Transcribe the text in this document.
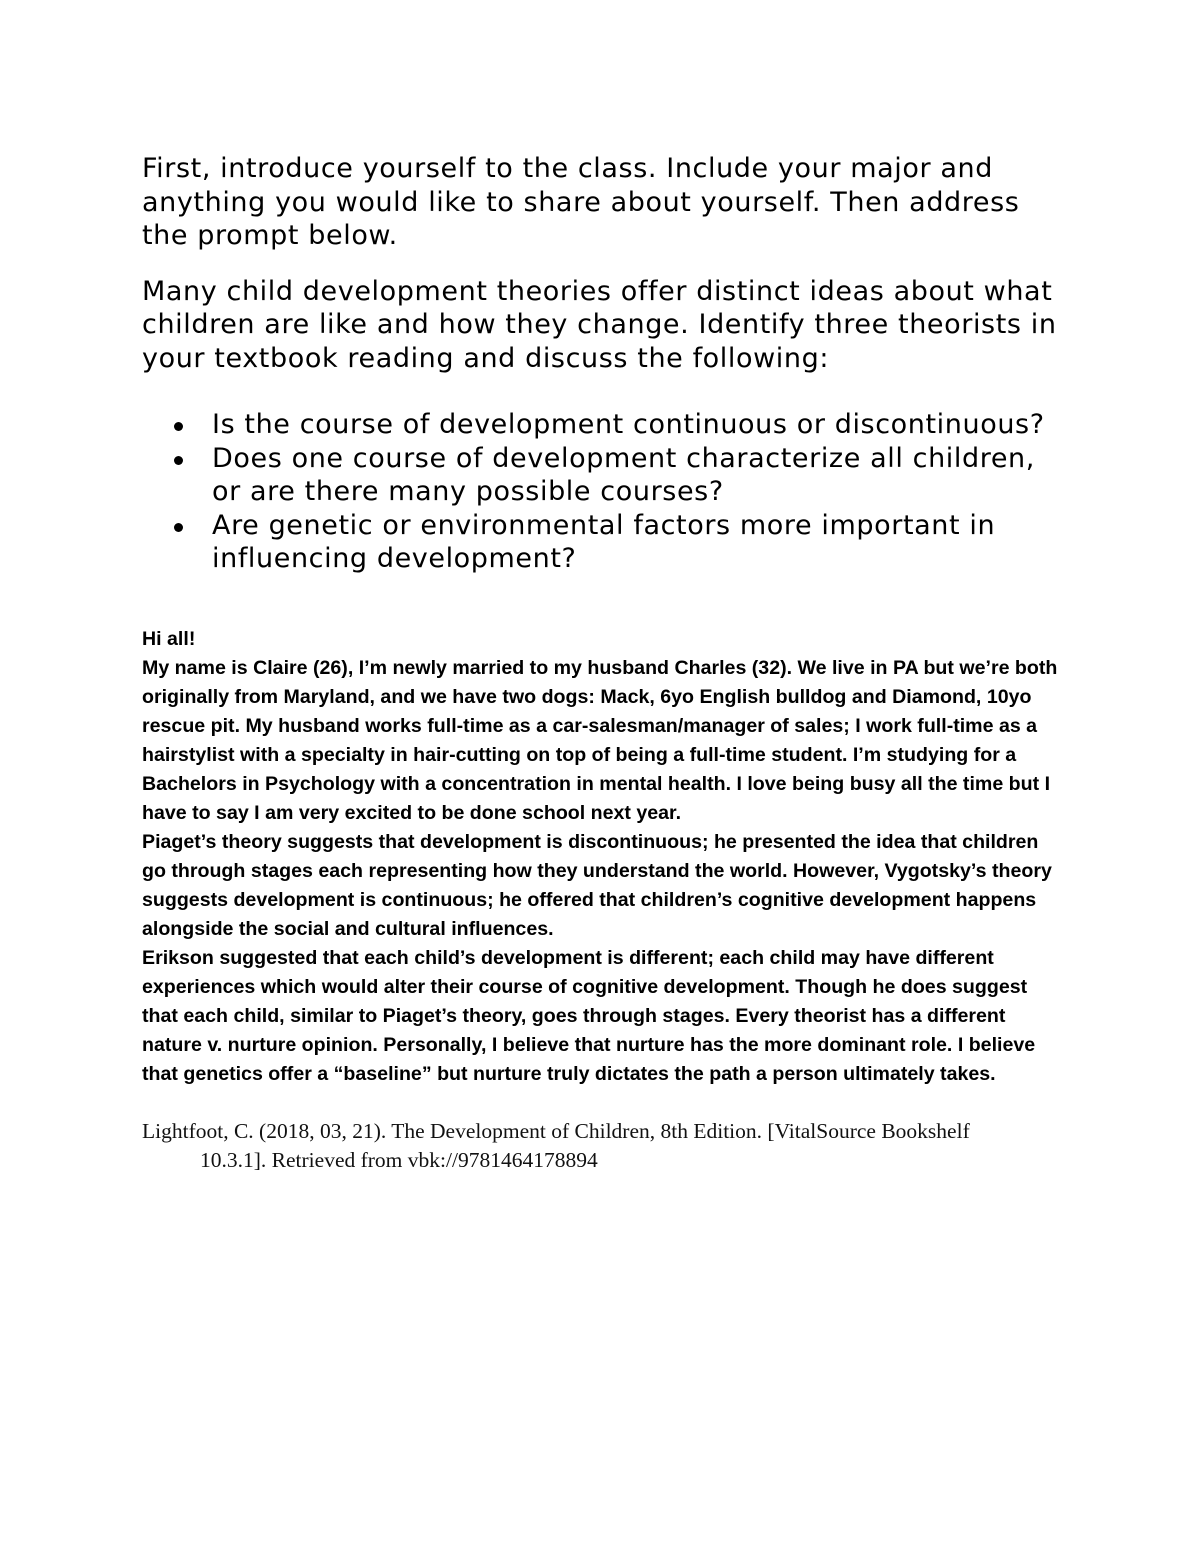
First, introduce yourself to the class. Include your major and anything you would like to share about yourself. Then address the prompt below.

Many child development theories offer distinct ideas about what children are like and how they change. Identify three theorists in your textbook reading and discuss the following:

Is the course of development continuous or discontinuous?
Does one course of development characterize all children, or are there many possible courses?
Are genetic or environmental factors more important in influencing development?

Hi all!

My name is Claire (26), I’m newly married to my husband Charles (32). We live in PA but we’re both originally from Maryland, and we have two dogs: Mack, 6yo English bulldog and Diamond, 10yo rescue pit. My husband works full-time as a car-salesman/manager of sales; I work full-time as a hairstylist with a specialty in hair-cutting on top of being a full-time student. I’m studying for a Bachelors in Psychology with a concentration in mental health. I love being busy all the time but I have to say I am very excited to be done school next year.

Piaget’s theory suggests that development is discontinuous; he presented the idea that children go through stages each representing how they understand the world. However, Vygotsky’s theory suggests development is continuous; he offered that children’s cognitive development happens alongside the social and cultural influences.

Erikson suggested that each child’s development is different; each child may have different experiences which would alter their course of cognitive development. Though he does suggest that each child, similar to Piaget’s theory, goes through stages. Every theorist has a different nature v. nurture opinion. Personally, I believe that nurture has the more dominant role. I believe that genetics offer a “baseline” but nurture truly dictates the path a person ultimately takes.

Lightfoot, C. (2018, 03, 21). The Development of Children, 8th Edition. [VitalSource Bookshelf
10.3.1]. Retrieved from vbk://9781464178894
